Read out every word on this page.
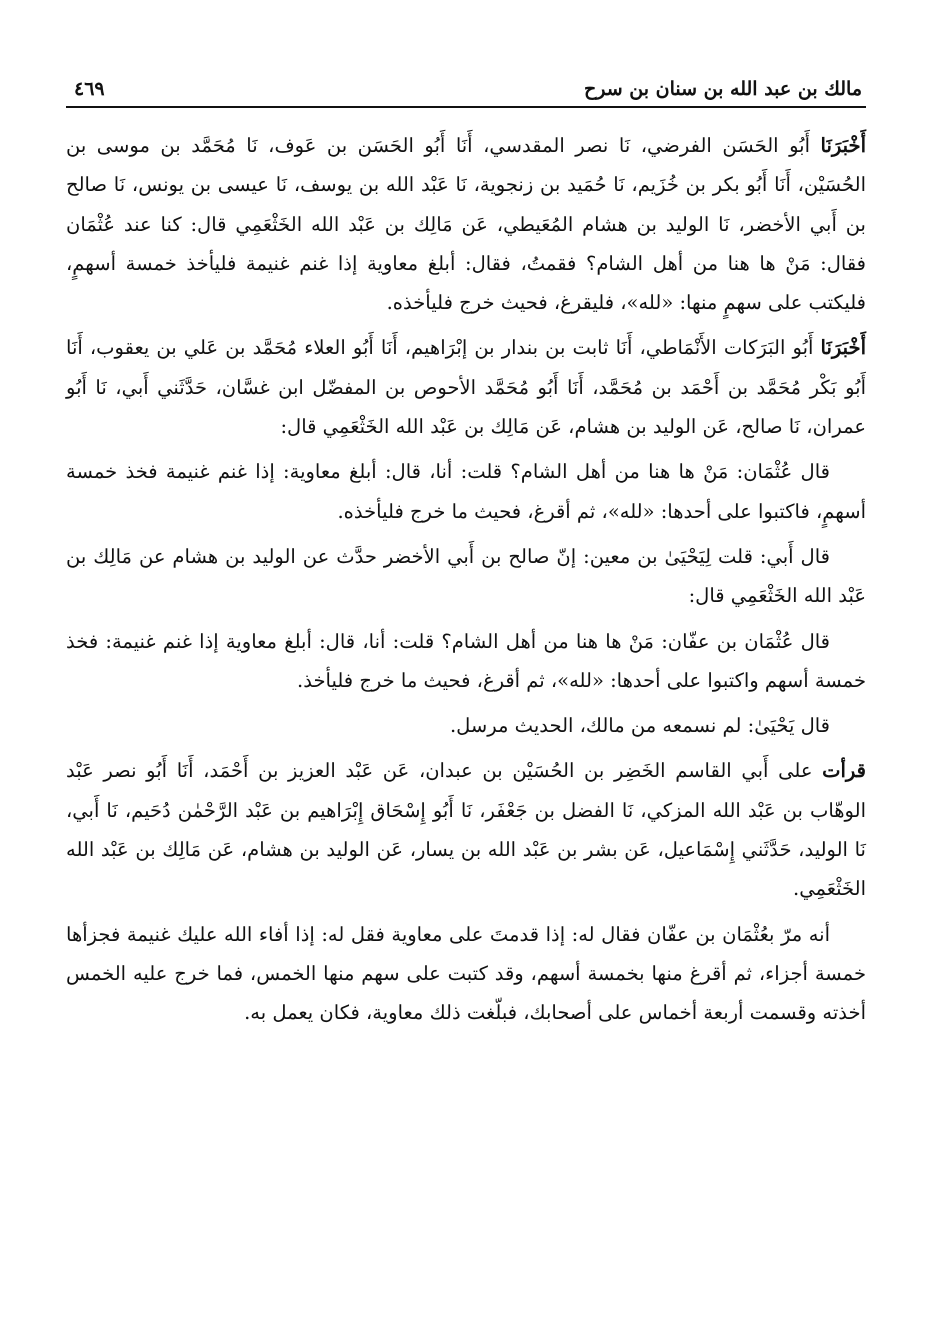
مالك بن عبد الله بن سنان بن سرح
٤٦٩

أَخْبَرَنَا أَبُو الحَسَن الفرضي، نَا نصر المقدسي، أَنَا أَبُو الحَسَن بن عَوف، نَا مُحَمَّد بن موسى بن الحُسَيْن، أَنَا أَبُو بكر بن خُزَيم، نَا حُمَيد بن زنجوية، نَا عَبْد الله بن يوسف، نَا عيسى بن يونس، نَا صالح بن أَبي الأخضر، نَا الوليد بن هشام المُعَيطي، عَن مَالِك بن عَبْد الله الخَثْعَمِي قال: كنا عند عُثْمَان فقال: مَنْ ها هنا من أهل الشام؟ فقمتُ، فقال: أبلغ معاوية إذا غنم غنيمة فليأخذ خمسة أسهمٍ، فليكتب على سهمٍ منها: «لله»، فليقرغ، فحيث خرج فليأخذه.

أَخْبَرَنَا أَبُو البَرَكات الأَنْمَاطي، أَنَا ثابت بن بندار بن إبْرَاهيم، أَنَا أَبُو العلاء مُحَمَّد بن عَلي بن يعقوب، أَنَا أَبُو بَكْر مُحَمَّد بن أَحْمَد بن مُحَمَّد، أَنَا أَبُو مُحَمَّد الأحوص بن المفضّل ابن غسَّان، حَدَّثَني أَبي، نَا أَبُو عمران، نَا صالح، عَن الوليد بن هشام، عَن مَالِك بن عَبْد الله الخَثْعَمِي قال:

قال عُثْمَان: مَنْ ها هنا من أهل الشام؟ قلت: أنا، قال: أبلغ معاوية: إذا غنم غنيمة فخذ خمسة أسهمٍ، فاكتبوا على أحدها: «لله»، ثم أقرغ، فحيث ما خرج فليأخذه.

قال أَبي: قلت لِيَحْيَىٰ بن معين: إنّ صالح بن أَبي الأخضر حدَّث عن الوليد بن هشام عن مَالِك بن عَبْد الله الخَثْعَمِي قال:

قال عُثْمَان بن عفّان: مَنْ ها هنا من أهل الشام؟ قلت: أنا، قال: أبلغ معاوية إذا غنم غنيمة: فخذ خمسة أسهم واكتبوا على أحدها: «لله»، ثم أقرغ، فحيث ما خرج فليأخذ.

قال يَحْيَىٰ: لم نسمعه من مالك، الحديث مرسل.

قرأت على أَبي القاسم الخَضِر بن الحُسَيْن بن عبدان، عَن عَبْد العزيز بن أَحْمَد، أَنَا أَبُو نصر عَبْد الوهّاب بن عَبْد الله المزكي، نَا الفضل بن جَعْفَر، نَا أَبُو إِسْحَاق إِبْرَاهيم بن عَبْد الرَّحْمٰن دُحَيم، نَا أَبي، نَا الوليد، حَدَّثَني إِسْمَاعيل، عَن بشر بن عَبْد الله بن يسار، عَن الوليد بن هشام، عَن مَالِك بن عَبْد الله الخَثْعَمِي.

أنه مرّ بعُثْمَان بن عفّان فقال له: إذا قدمتَ على معاوية فقل له: إذا أفاء الله عليك غنيمة فجزأها خمسة أجزاء، ثم أقرغ منها بخمسة أسهم، وقد كتبت على سهم منها الخمس، فما خرج عليه الخمس أخذته وقسمت أربعة أخماس على أصحابك، فبلّغت ذلك معاوية، فكان يعمل به.
